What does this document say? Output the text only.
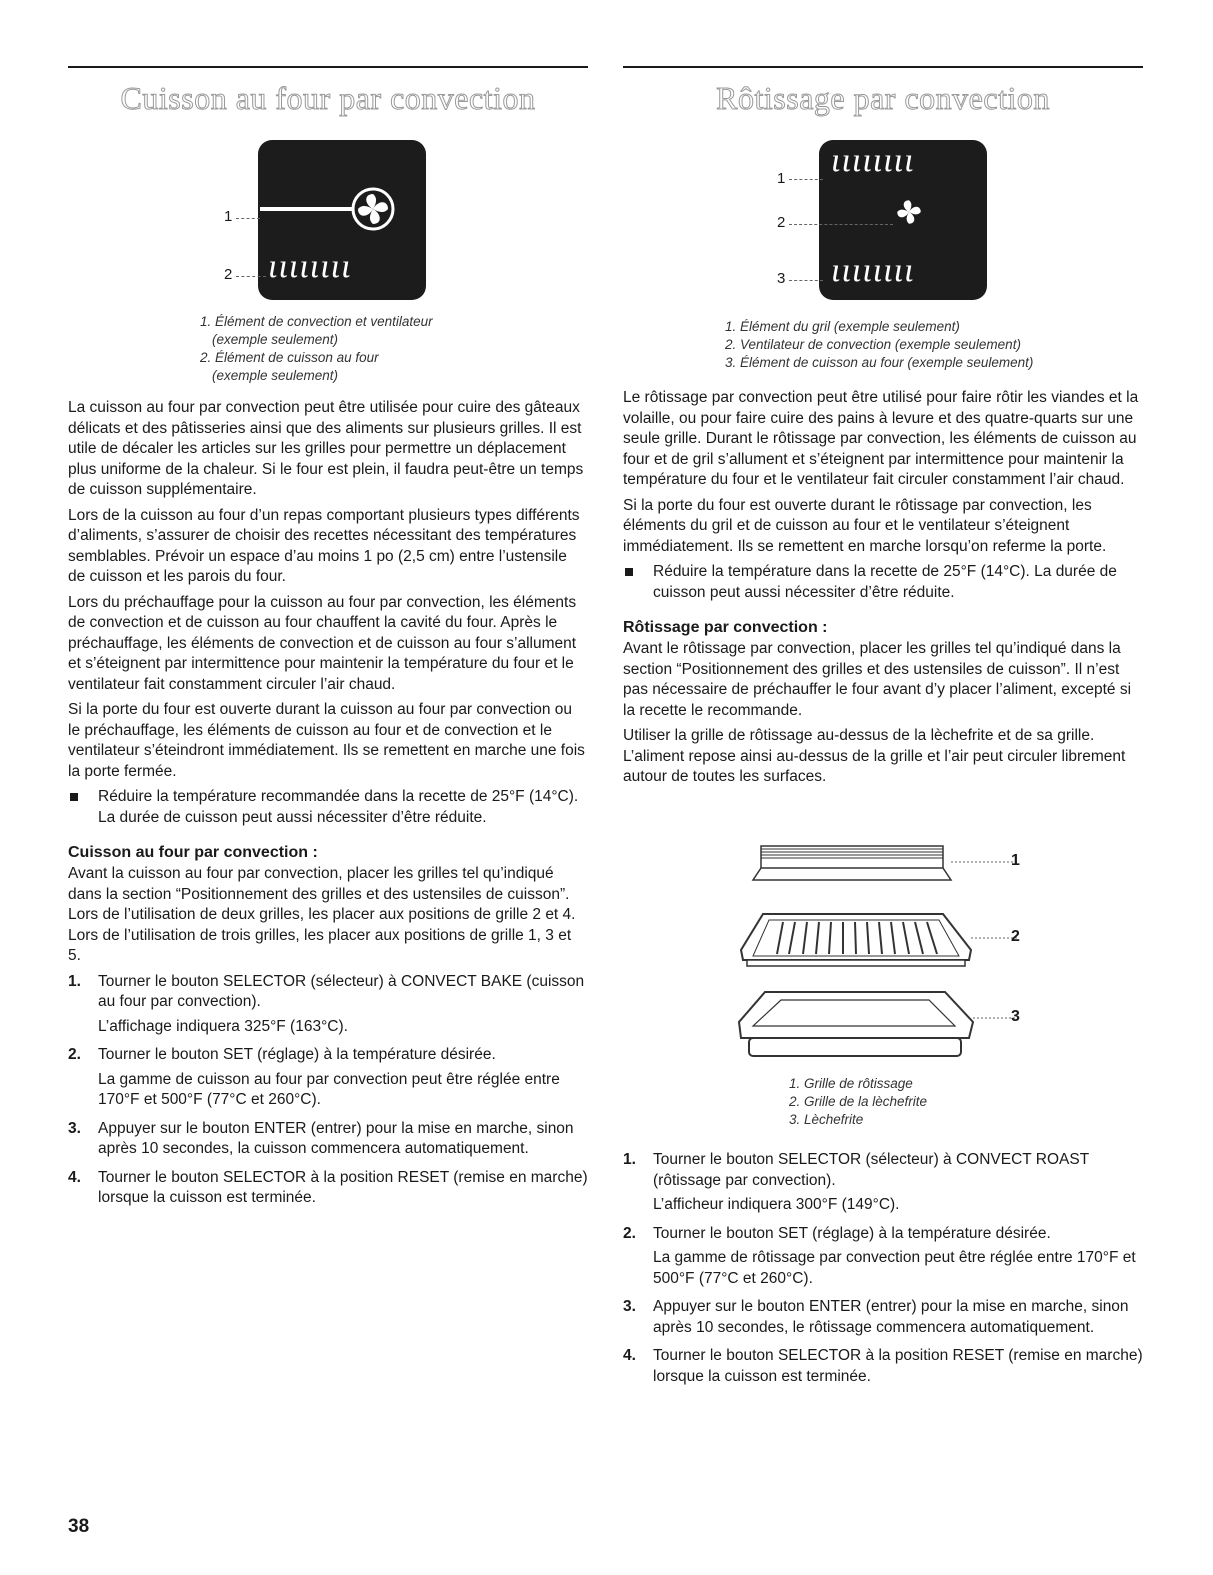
Cuisson au four par convection
ιιιιιιιι
1
2
1. Élément de convection et ventilateur
(exemple seulement)
2. Élément de cuisson au four
(exemple seulement)

La cuisson au four par convection peut être utilisée pour cuire des gâteaux délicats et des pâtisseries ainsi que des aliments sur plusieurs grilles. Il est utile de décaler les articles sur les grilles pour permettre un déplacement plus uniforme de la chaleur. Si le four est plein, il faudra peut-être un temps de cuisson supplémentaire.

Lors de la cuisson au four d’un repas comportant plusieurs types différents d’aliments, s’assurer de choisir des recettes nécessitant des températures semblables. Prévoir un espace d’au moins 1 po (2,5 cm) entre l’ustensile de cuisson et les parois du four.

Lors du préchauffage pour la cuisson au four par convection, les éléments de convection et de cuisson au four chauffent la cavité du four. Après le préchauffage, les éléments de convection et de cuisson au four s’allument et s’éteignent par intermittence pour maintenir la température du four et le ventilateur fait constamment circuler l’air chaud.

Si la porte du four est ouverte durant la cuisson au four par convection ou le préchauffage, les éléments de cuisson au four et de convection et le ventilateur s’éteindront immédiatement. Ils se remettent en marche une fois la porte fermée.

Réduire la température recommandée dans la recette de 25°F (14°C). La durée de cuisson peut aussi nécessiter d’être réduite.
Cuisson au four par convection :

Avant la cuisson au four par convection, placer les grilles tel qu’indiqué dans la section “Positionnement des grilles et des ustensiles de cuisson”. Lors de l’utilisation de deux grilles, les placer aux positions de grille 2 et 4. Lors de l’utilisation de trois grilles, les placer aux positions de grille 1, 3 et 5.

1.	Tourner le bouton SELECTOR (sélecteur) à CONVECT BAKE (cuisson au four par convection).

L’affichage indiquera 325°F (163°C).

2.	Tourner le bouton SET (réglage) à la température désirée.

La gamme de cuisson au four par convection peut être réglée entre 170°F et 500°F (77°C et 260°C).

3.	Appuyer sur le bouton ENTER (entrer) pour la mise en marche, sinon après 10 secondes, la cuisson commencera automatiquement.

4.	Tourner le bouton SELECTOR à la position RESET (remise en marche) lorsque la cuisson est terminée.

Rôtissage par convection
ιιιιιιιι
ιιιιιιιι
1
2
3
1. Élément du gril (exemple seulement)
2. Ventilateur de convection (exemple seulement)
3. Élément de cuisson au four (exemple seulement)

Le rôtissage par convection peut être utilisé pour faire rôtir les viandes et la volaille, ou pour faire cuire des pains à levure et des quatre-quarts sur une seule grille. Durant le rôtissage par convection, les éléments de cuisson au four et de gril s’allument et s’éteignent par intermittence pour maintenir la température du four et le ventilateur fait circuler constamment l’air chaud.

Si la porte du four est ouverte durant le rôtissage par convection, les éléments du gril et de cuisson au four et le ventilateur s’éteignent immédiatement. Ils se remettent en marche lorsqu’on referme la porte.

Réduire la température dans la recette de 25°F (14°C). La durée de cuisson peut aussi nécessiter d’être réduite.
Rôtissage par convection :

Avant le rôtissage par convection, placer les grilles tel qu’indiqué dans la section “Positionnement des grilles et des ustensiles de cuisson”. Il n’est pas nécessaire de préchauffer le four avant d’y placer l’aliment, excepté si la recette le recommande.

Utiliser la grille de rôtissage au-dessus de la lèchefrite et de sa grille. L’aliment repose ainsi au-dessus de la grille et l’air peut circuler librement autour de toutes les surfaces.

1
2
3
1. Grille de rôtissage
2. Grille de la lèchefrite
3. Lèchefrite
1.	Tourner le bouton SELECTOR (sélecteur) à CONVECT ROAST (rôtissage par convection).

L’afficheur indiquera 300°F (149°C).

2.	Tourner le bouton SET (réglage) à la température désirée.

La gamme de rôtissage par convection peut être réglée entre 170°F et 500°F (77°C et 260°C).

3.	Appuyer sur le bouton ENTER (entrer) pour la mise en marche, sinon après 10 secondes, le rôtissage commencera automatiquement.

4.	Tourner le bouton SELECTOR à la position RESET (remise en marche) lorsque la cuisson est terminée.

38
